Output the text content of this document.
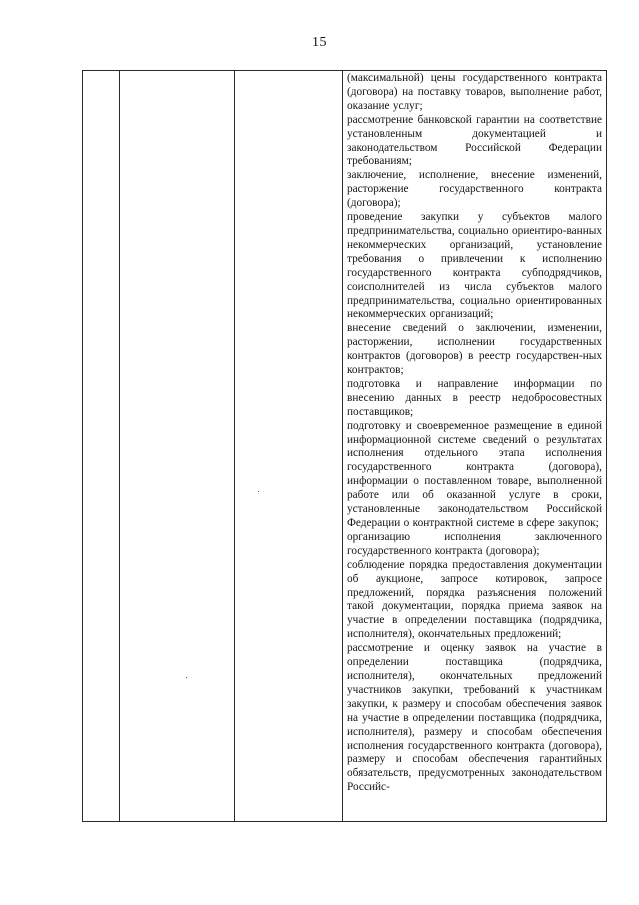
15

(максимальной) цены государственного контракта (договора) на поставку товаров, выполнение работ, оказание услуг;

рассмотрение банковской гарантии на соответствие установленным документацией и законодательством Российской Федерации требованиям;

заключение, исполнение, внесение изменений, расторжение государственного контракта (договора);

проведение закупки у субъектов малого предпринимательства, социально ориентиро-ванных некоммерческих организаций, установление требования о привлечении к исполнению государственного контракта субподрядчиков, соисполнителей из числа субъектов малого предпринимательства, социально ориентированных некоммерческих организаций;

внесение сведений о заключении, изменении, расторжении, исполнении государственных контрактов (договоров) в реестр государствен-ных контрактов;

подготовка и направление информации по внесению данных в реестр недобросовестных поставщиков;

подготовку и своевременное размещение в единой информационной системе сведений о результатах исполнения отдельного этапа исполнения государственного контракта (договора), информации о поставленном товаре, выполненной работе или об оказанной услуге в сроки, установленные законодательством Российской Федерации о контрактной системе в сфере закупок;

организацию исполнения заключенного государственного контракта (договора);

соблюдение порядка предоставления документации об аукционе, запросе котировок, запросе предложений, порядка разъяснения положений такой документации, порядка приема заявок на участие в определении поставщика (подрядчика, исполнителя), окончательных предложений;

рассмотрение и оценку заявок на участие в определении поставщика (подрядчика, исполнителя), окончательных предложений участников закупки, требований к участникам закупки, к размеру и способам обеспечения заявок на участие в определении поставщика (подрядчика, исполнителя), размеру и способам обеспечения исполнения государственного контракта (договора), размеру и способам обеспечения гарантийных обязательств, предусмотренных законодательством Российс-
